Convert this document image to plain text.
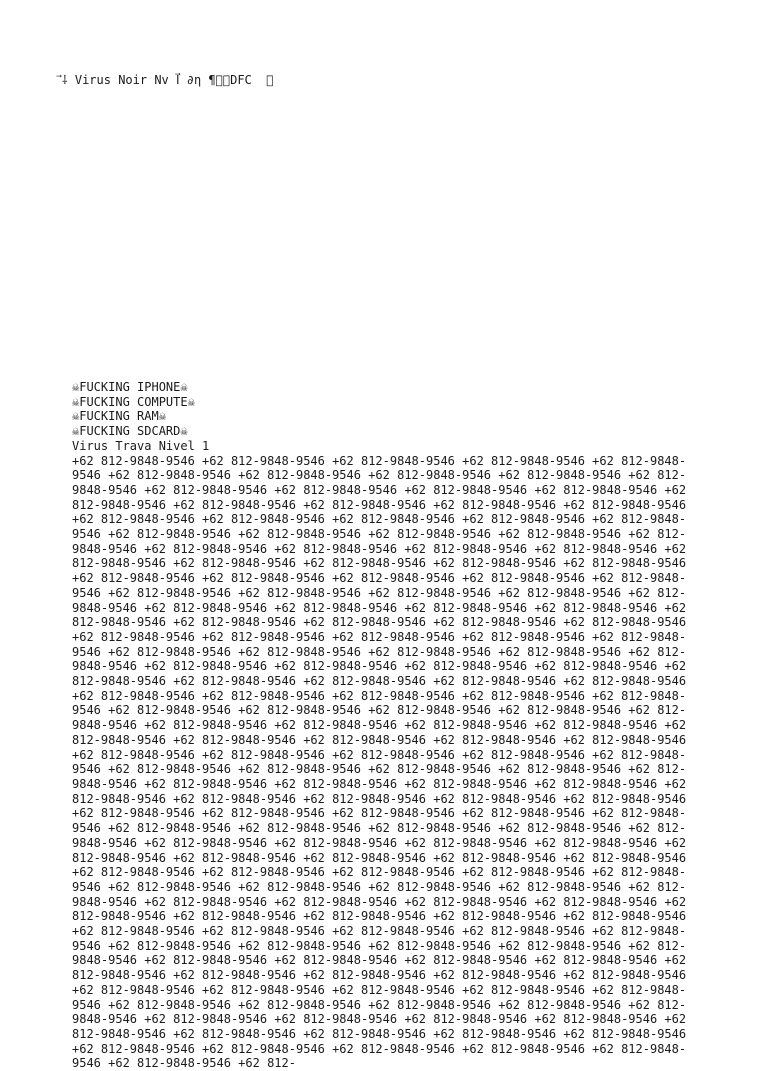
⃗⸸ Virus Noir Nv I⃗ ∂η ¶ꟽ͛DFC  ⸸
☠FUCKING IPHONE☠
☠FUCKING COMPUTE☠
☠FUCKING RAM☠
☠FUCKING SDCARD☠
Virus Trava Nivel 1
+62 812-9848-9546 +62 812-9848-9546 +62 812-9848-9546 +62 812-9848-9546 +62 812-9848-9546 +62 812-9848-9546 +62 812-9848-9546 +62 812-9848-9546 +62 812-9848-9546 +62 812-9848-9546 +62 812-9848-9546 +62 812-9848-9546 +62 812-9848-9546 +62 812-9848-9546 +62 812-9848-9546 +62 812-9848-9546 +62 812-9848-9546 +62 812-9848-9546 +62 812-9848-9546 +62 812-9848-9546 +62 812-9848-9546 +62 812-9848-9546 +62 812-9848-9546 +62 812-9848-9546 +62 812-9848-9546 +62 812-9848-9546 +62 812-9848-9546 +62 812-9848-9546 +62 812-9848-9546 +62 812-9848-9546 +62 812-9848-9546 +62 812-9848-9546 +62 812-9848-9546 +62 812-9848-9546 +62 812-9848-9546 +62 812-9848-9546 +62 812-9848-9546 +62 812-9848-9546 +62 812-9848-9546 +62 812-9848-9546 +62 812-9848-9546 +62 812-9848-9546 +62 812-9848-9546 +62 812-9848-9546 +62 812-9848-9546 +62 812-9848-9546 +62 812-9848-9546 +62 812-9848-9546 +62 812-9848-9546 +62 812-9848-9546 +62 812-9848-9546 +62 812-9848-9546 +62 812-9848-9546 +62 812-9848-9546 +62 812-9848-9546 +62 812-9848-9546 +62 812-9848-9546 +62 812-9848-9546 +62 812-9848-9546 +62 812-9848-9546 +62 812-9848-9546 +62 812-9848-9546 +62 812-9848-9546 +62 812-9848-9546 +62 812-9848-9546 +62 812-9848-9546 +62 812-9848-9546 +62 812-9848-9546 +62 812-9848-9546 +62 812-9848-9546 +62 812-9848-9546 +62 812-9848-9546 +62 812-9848-9546 +62 812-9848-9546 +62 812-9848-9546 +62 812-9848-9546 +62 812-9848-9546 +62 812-9848-9546 +62 812-9848-9546 +62 812-9848-9546 +62 812-9848-9546 +62 812-9848-9546 +62 812-9848-9546 +62 812-9848-9546 +62 812-9848-9546 +62 812-9848-9546 +62 812-9848-9546 +62 812-9848-9546 +62 812-9848-9546 +62 812-9848-9546 +62 812-9848-9546 +62 812-9848-9546 +62 812-9848-9546 +62 812-9848-9546 +62 812-9848-9546 +62 812-9848-9546 +62 812-9848-9546 +62 812-9848-9546 +62 812-9848-9546 +62 812-9848-9546 +62 812-9848-9546 +62 812-9848-9546 +62 812-9848-9546 +62 812-9848-9546 +62 812-9848-9546 +62 812-9848-9546 +62 812-9848-9546 +62 812-9848-9546 +62 812-9848-9546 +62 812-9848-9546 +62 812-9848-9546 +62 812-9848-9546 +62 812-9848-9546 +62 812-9848-9546 +62 812-9848-9546 +62 812-9848-9546 +62 812-9848-9546 +62 812-9848-9546 +62 812-9848-9546 +62 812-9848-9546 +62 812-9848-9546 +62 812-9848-9546 +62 812-9848-9546 +62 812-9848-9546 +62 812-9848-9546 +62 812-9848-9546 +62 812-9848-9546 +62 812-9848-9546 +62 812-9848-9546 +62 812-9848-9546 +62 812-9848-9546 +62 812-9848-9546 +62 812-9848-9546 +62 812-9848-9546 +62 812-9848-9546 +62 812-9848-9546 +62 812-9848-9546 +62 812-9848-9546 +62 812-9848-9546 +62 812-9848-9546 +62 812-9848-9546 +62 812-9848-9546 +62 812-9848-9546 +62 812-9848-9546 +62 812-9848-9546 +62 812-9848-9546 +62 812-9848-9546 +62 812-9848-9546 +62 812-9848-9546 +62 812-9848-9546 +62 812-9848-9546 +62 812-9848-9546 +62 812-9848-9546 +62 812-9848-9546 +62 812-9848-9546 +62 812-9848-9546 +62 812-9848-9546 +62 812-9848-9546 +62 812-9848-9546 +62 812-9848-9546 +62 812-9848-9546 +62 812-9848-9546 +62 812-9848-9546 +62 812-9848-9546 +62 812-9848-9546 +62 812-9848-9546 +62 812-9848-9546 +62 812-9848-9546 +62 812-9848-9546 +62 812-9848-9546 +62 812-9848-9546 +62 812-9848-9546 +62 812-9848-9546 +62 812-9848-9546 +62 812-9848-9546 +62 812-9848-9546 +62 812-9848-9546 +62 812-9848-9546 +62 812-9848-9546 +62 812-9848-9546 +62 812-9848-9546 +62 812-9848-9546 +62 812-9848-9546 +62 812-9848-9546 +62 812-9848-9546 +62 812-9848-9546 +62 812-9848-9546 +62 812-9848-9546 +62 812-9848-9546 +62 812-9848-9546 +62 812-9848-9546 +62 812-9848-9546 +62 812-9848-9546 +62 812-9848-9546 +62 812-9848-9546 +62 812-9848-9546 +62 812-
